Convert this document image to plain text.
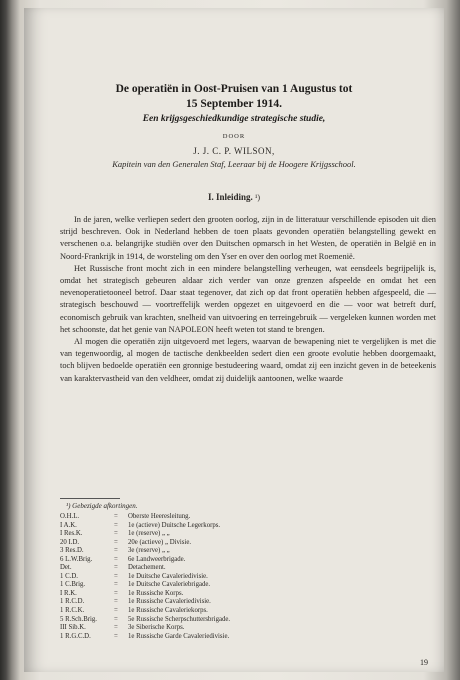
De operatiën in Oost-Pruisen van 1 Augustus tot
15 September 1914.
Een krijgsgeschiedkundige strategische studie,
DOOR
J. J. C. P. WILSON,
Kapitein van den Generalen Staf, Leeraar bij de Hoogere Krijgsschool.
I. Inleiding. ¹)

In de jaren, welke verliepen sedert den grooten oorlog, zijn in de litteratuur verschillende episoden uit dien strijd beschreven. Ook in Nederland hebben de toen plaats gevonden operatiën belangstelling gewekt en verschenen o.a. belangrijke studiën over den Duitschen opmarsch in het Westen, de operatiën in België en in Noord-Frankrijk in 1914, de worsteling om den Yser en over den oorlog met Roemenië.

Het Russische front mocht zich in een mindere belangstelling verheugen, wat eensdeels begrijpelijk is, omdat het strategisch gebeuren aldaar zich verder van onze grenzen afspeelde en omdat het een nevenoperatietooneel betrof. Daar staat tegenover, dat zich op dat front operatiën hebben afgespeeld, die — strategisch beschouwd — voortreffelijk werden opgezet en uitgevoerd en die — voor wat betreft durf, economisch gebruik van krachten, snelheid van uitvoering en terreingebruik — vergeleken kunnen worden met het schoonste, dat het genie van NAPOLEON heeft weten tot stand te brengen.

Al mogen die operatiën zijn uitgevoerd met legers, waarvan de bewapening niet te vergelijken is met die van tegenwoordig, al mogen de tactische denkbeelden sedert dien een groote evolutie hebben doorgemaakt, toch blijven bedoelde operatiën een gronnige bestudeering waard, omdat zij een inzicht geven in de beteekenis van karaktervastheid van den veldheer, omdat zij duidelijk aantoonen, welke waarde

¹) Gebezigde afkortingen.
O.H.L.	=	Oberste Heeresleitung.
I A.K.	=	1e (actieve) Duitsche Legerkorps.
I Res.K.	=	1e (reserve) „ „
20 I.D.	=	20e (actieve) „ Divisie.
3 Res.D.	=	3e (reserve) „ „
6 L.W.Brig.	=	6e Landweerbrigade.
Det.	=	Detachement.
1 C.D.	=	1e Duitsche Cavaleriedivisie.
1 C.Brig.	=	1e Duitsche Cavaleriebrigade.
I R.K.	=	1e Russische Korps.
1 R.C.D.	=	1e Russische Cavaleriedivisie.
1 R.C.K.	=	1e Russische Cavaleriekorps.
5 R.Sch.Brig.	=	5e Russische Scherpschuttersbrigade.
III Sib.K.	=	3e Siberische Korps.
1 R.G.C.D.	=	1e Russische Garde Cavaleriedivisie.
19
